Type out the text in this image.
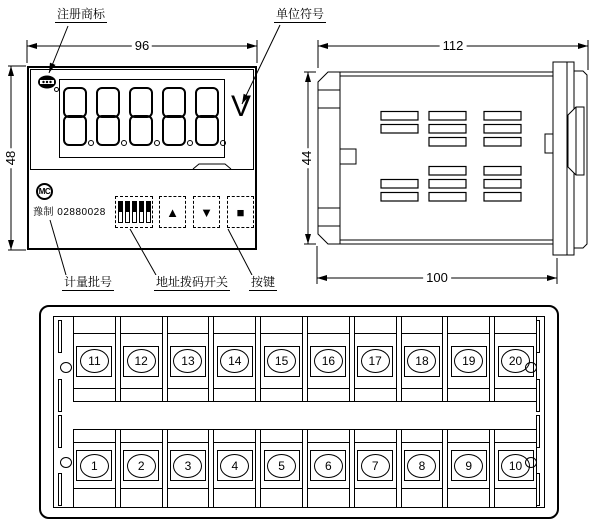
96
48
112
44
100
注册商标	单位符号
计量批号	地址拨码开关 按键
V
MC
豫制 02880028	▲	▼	■
11	12	13	14	15	16	17	18	19	20
1	2	3	4	5	6	7	8	9	10
